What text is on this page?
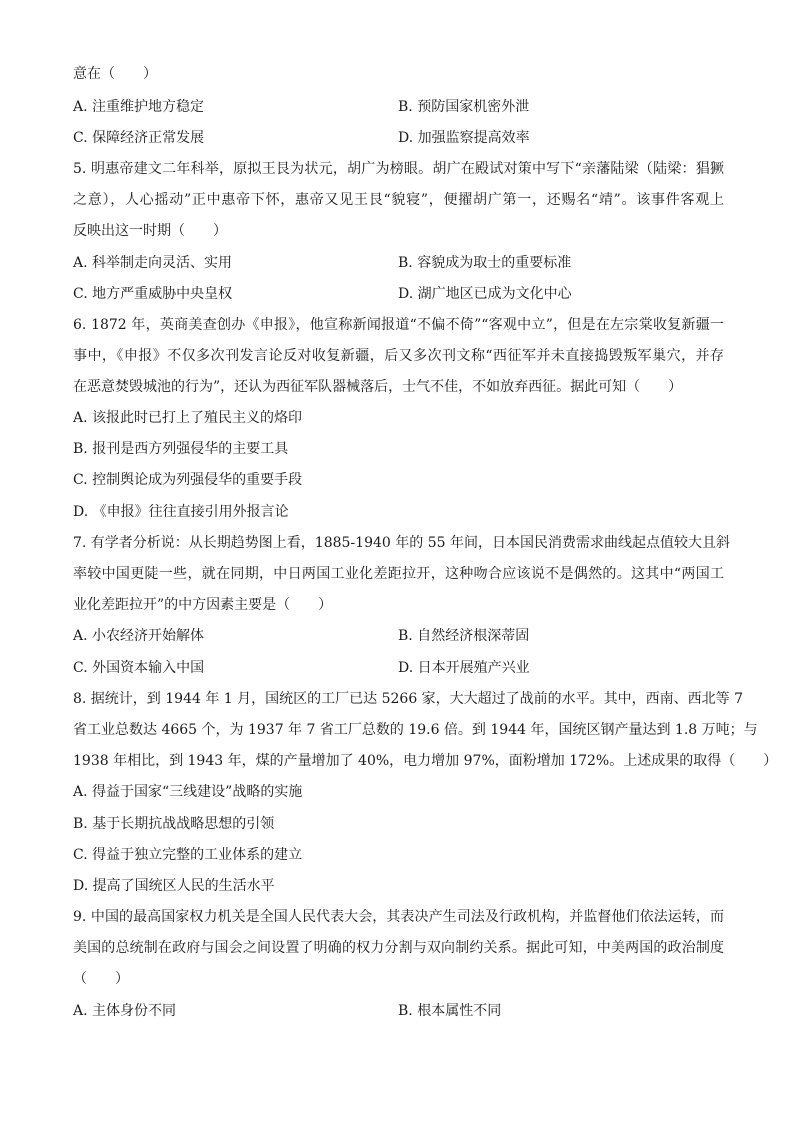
意在（　　）
A. 注重维护地方稳定	B. 预防国家机密外泄
C. 保障经济正常发展	D. 加强监察提高效率
5. 明惠帝建文二年科举，原拟王艮为状元，胡广为榜眼。胡广在殿试对策中写下“亲藩陆梁（陆梁：猖獗
之意），人心摇动”正中惠帝下怀，惠帝又见王艮“貌寝”，便擢胡广第一，还赐名“靖”。该事件客观上
反映出这一时期（　　）
A. 科举制走向灵活、实用	B. 容貌成为取士的重要标准
C. 地方严重威胁中央皇权	D. 湖广地区已成为文化中心
6. 1872 年，英商美查创办《申报》，他宣称新闻报道“不偏不倚”“客观中立”，但是在左宗棠收复新疆一
事中，《申报》不仅多次刊发言论反对收复新疆，后又多次刊文称“西征军并未直接捣毁叛军巢穴，并存
在恶意焚毁城池的行为”，还认为西征军队器械落后，士气不佳，不如放弃西征。据此可知（　　）
A. 该报此时已打上了殖民主义的烙印
B. 报刊是西方列强侵华的主要工具
C. 控制舆论成为列强侵华的重要手段
D. 《申报》往往直接引用外报言论
7. 有学者分析说：从长期趋势图上看，1885-1940 年的 55 年间，日本国民消费需求曲线起点值较大且斜
率较中国更陡一些，就在同期，中日两国工业化差距拉开，这种吻合应该说不是偶然的。这其中“两国工
业化差距拉开”的中方因素主要是（　　）
A. 小农经济开始解体	B. 自然经济根深蒂固
C. 外国资本输入中国	D. 日本开展殖产兴业
8. 据统计，到 1944 年 1 月，国统区的工厂已达 5266 家，大大超过了战前的水平。其中，西南、西北等 7
省工业总数达 4665 个，为 1937 年 7 省工厂总数的 19.6 倍。到 1944 年，国统区钢产量达到 1.8 万吨；与
1938 年相比，到 1943 年，煤的产量增加了 40%，电力增加 97%，面粉增加 172%。上述成果的取得（　　）
A. 得益于国家“三线建设”战略的实施
B. 基于长期抗战战略思想的引领
C. 得益于独立完整的工业体系的建立
D. 提高了国统区人民的生活水平
9. 中国的最高国家权力机关是全国人民代表大会，其表决产生司法及行政机构，并监督他们依法运转，而
美国的总统制在政府与国会之间设置了明确的权力分割与双向制约关系。据此可知，中美两国的政治制度
（　　）
A. 主体身份不同	B. 根本属性不同
